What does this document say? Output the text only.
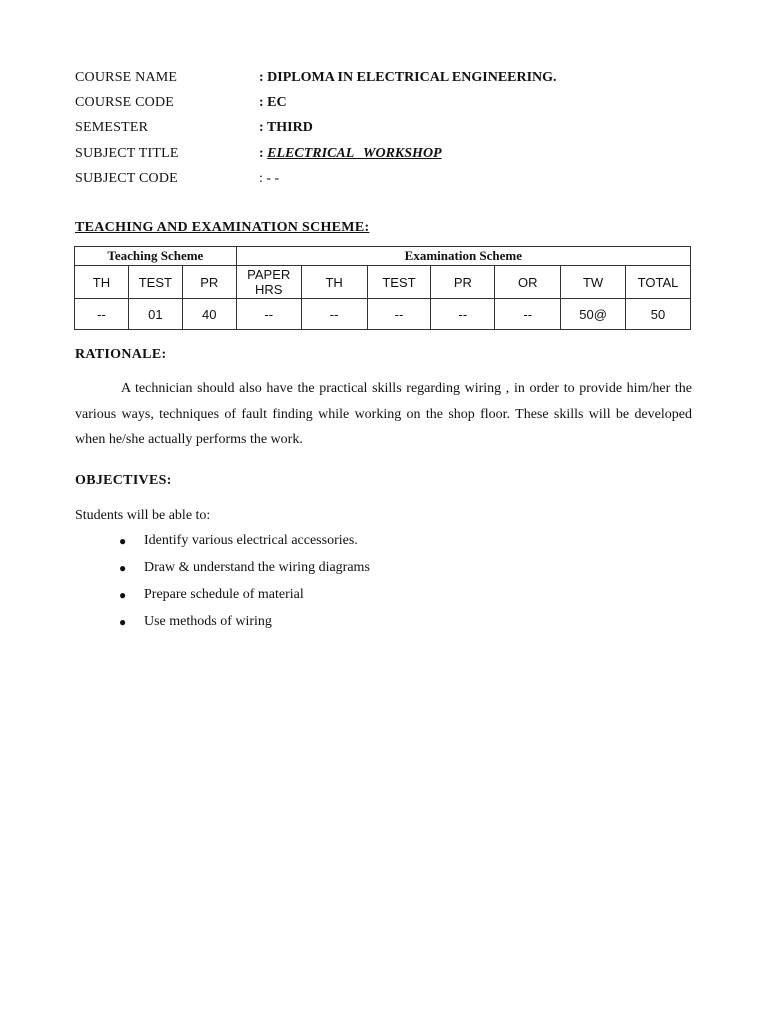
COURSE NAME	: DIPLOMA IN ELECTRICAL ENGINEERING.
COURSE CODE	: EC
SEMESTER	: THIRD
SUBJECT TITLE	: ELECTRICAL WORKSHOP
SUBJECT CODE	: - -
TEACHING AND EXAMINATION SCHEME:
Teaching Scheme			Examination Scheme						
TH	TEST	PR	PAPER HRS	TH	TEST	PR	OR	TW	TOTAL
--	01	40	--	--	--	--	--	50@	50
RATIONALE:
A technician should also have the practical skills regarding wiring , in order to provide him/her the various ways, techniques of fault finding while working on the shop floor. These skills will be developed when he/she actually performs the work.
OBJECTIVES:
Students will be able to:
● Identify various electrical accessories.
● Draw & understand the wiring diagrams
● Prepare schedule of material
● Use methods of wiring
